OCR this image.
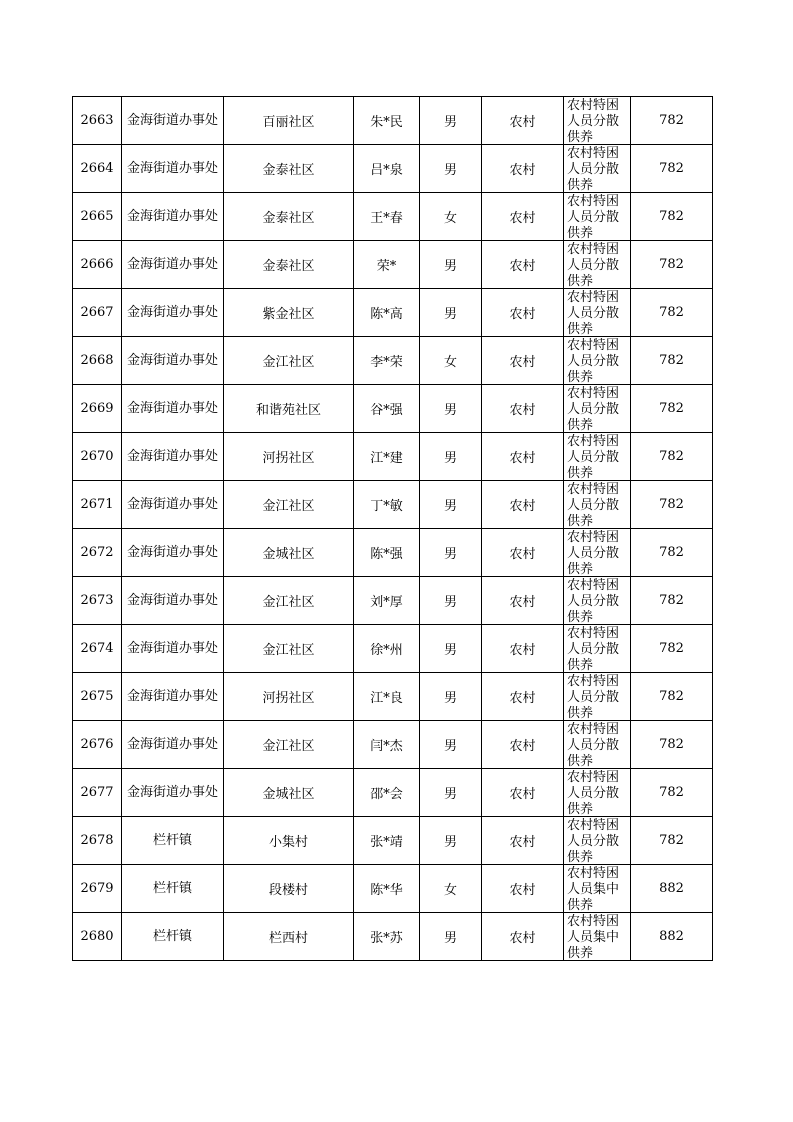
2663	金海街道办事处	百丽社区	朱*民	男	农村	农村特困人员分散供养	782
2664	金海街道办事处	金泰社区	吕*泉	男	农村	农村特困人员分散供养	782
2665	金海街道办事处	金泰社区	王*春	女	农村	农村特困人员分散供养	782
2666	金海街道办事处	金泰社区	荣*	男	农村	农村特困人员分散供养	782
2667	金海街道办事处	紫金社区	陈*高	男	农村	农村特困人员分散供养	782
2668	金海街道办事处	金江社区	李*荣	女	农村	农村特困人员分散供养	782
2669	金海街道办事处	和谐苑社区	谷*强	男	农村	农村特困人员分散供养	782
2670	金海街道办事处	河拐社区	江*建	男	农村	农村特困人员分散供养	782
2671	金海街道办事处	金江社区	丁*敏	男	农村	农村特困人员分散供养	782
2672	金海街道办事处	金城社区	陈*强	男	农村	农村特困人员分散供养	782
2673	金海街道办事处	金江社区	刘*厚	男	农村	农村特困人员分散供养	782
2674	金海街道办事处	金江社区	徐*州	男	农村	农村特困人员分散供养	782
2675	金海街道办事处	河拐社区	江*良	男	农村	农村特困人员分散供养	782
2676	金海街道办事处	金江社区	闫*杰	男	农村	农村特困人员分散供养	782
2677	金海街道办事处	金城社区	邵*会	男	农村	农村特困人员分散供养	782
2678	栏杆镇	小集村	张*靖	男	农村	农村特困人员分散供养	782
2679	栏杆镇	段楼村	陈*华	女	农村	农村特困人员集中供养	882
2680	栏杆镇	栏西村	张*苏	男	农村	农村特困人员集中供养	882
